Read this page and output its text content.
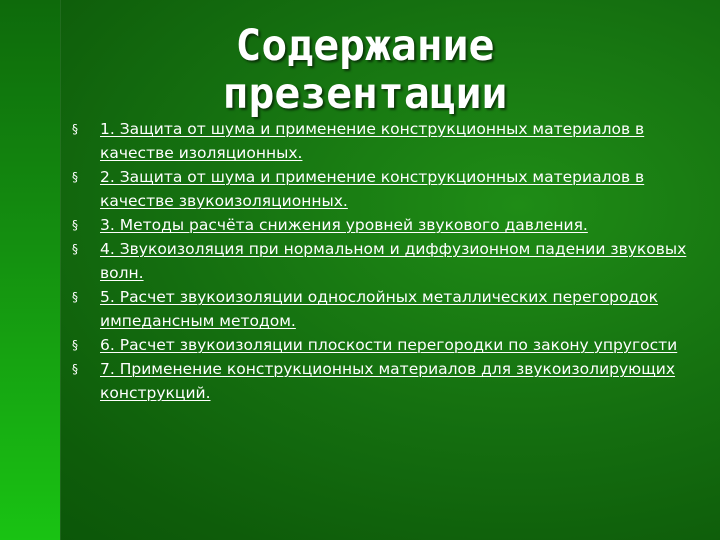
Содержание
презентации
§ 1. Защита от шума и применение конструкционных материалов в качестве изоляционных.
§ 2. Защита от шума и применение конструкционных материалов в качестве звукоизоляционных.
§ 3. Методы расчёта снижения уровней звукового давления.
§ 4. Звукоизоляция при нормальном и диффузионном падении звуковых волн.
§ 5. Расчет звукоизоляции однослойных металлических перегородок импедансным методом.
§ 6. Расчет звукоизоляции плоскости перегородки по закону упругости
§ 7. Применение конструкционных материалов для звукоизолирующих конструкций.
